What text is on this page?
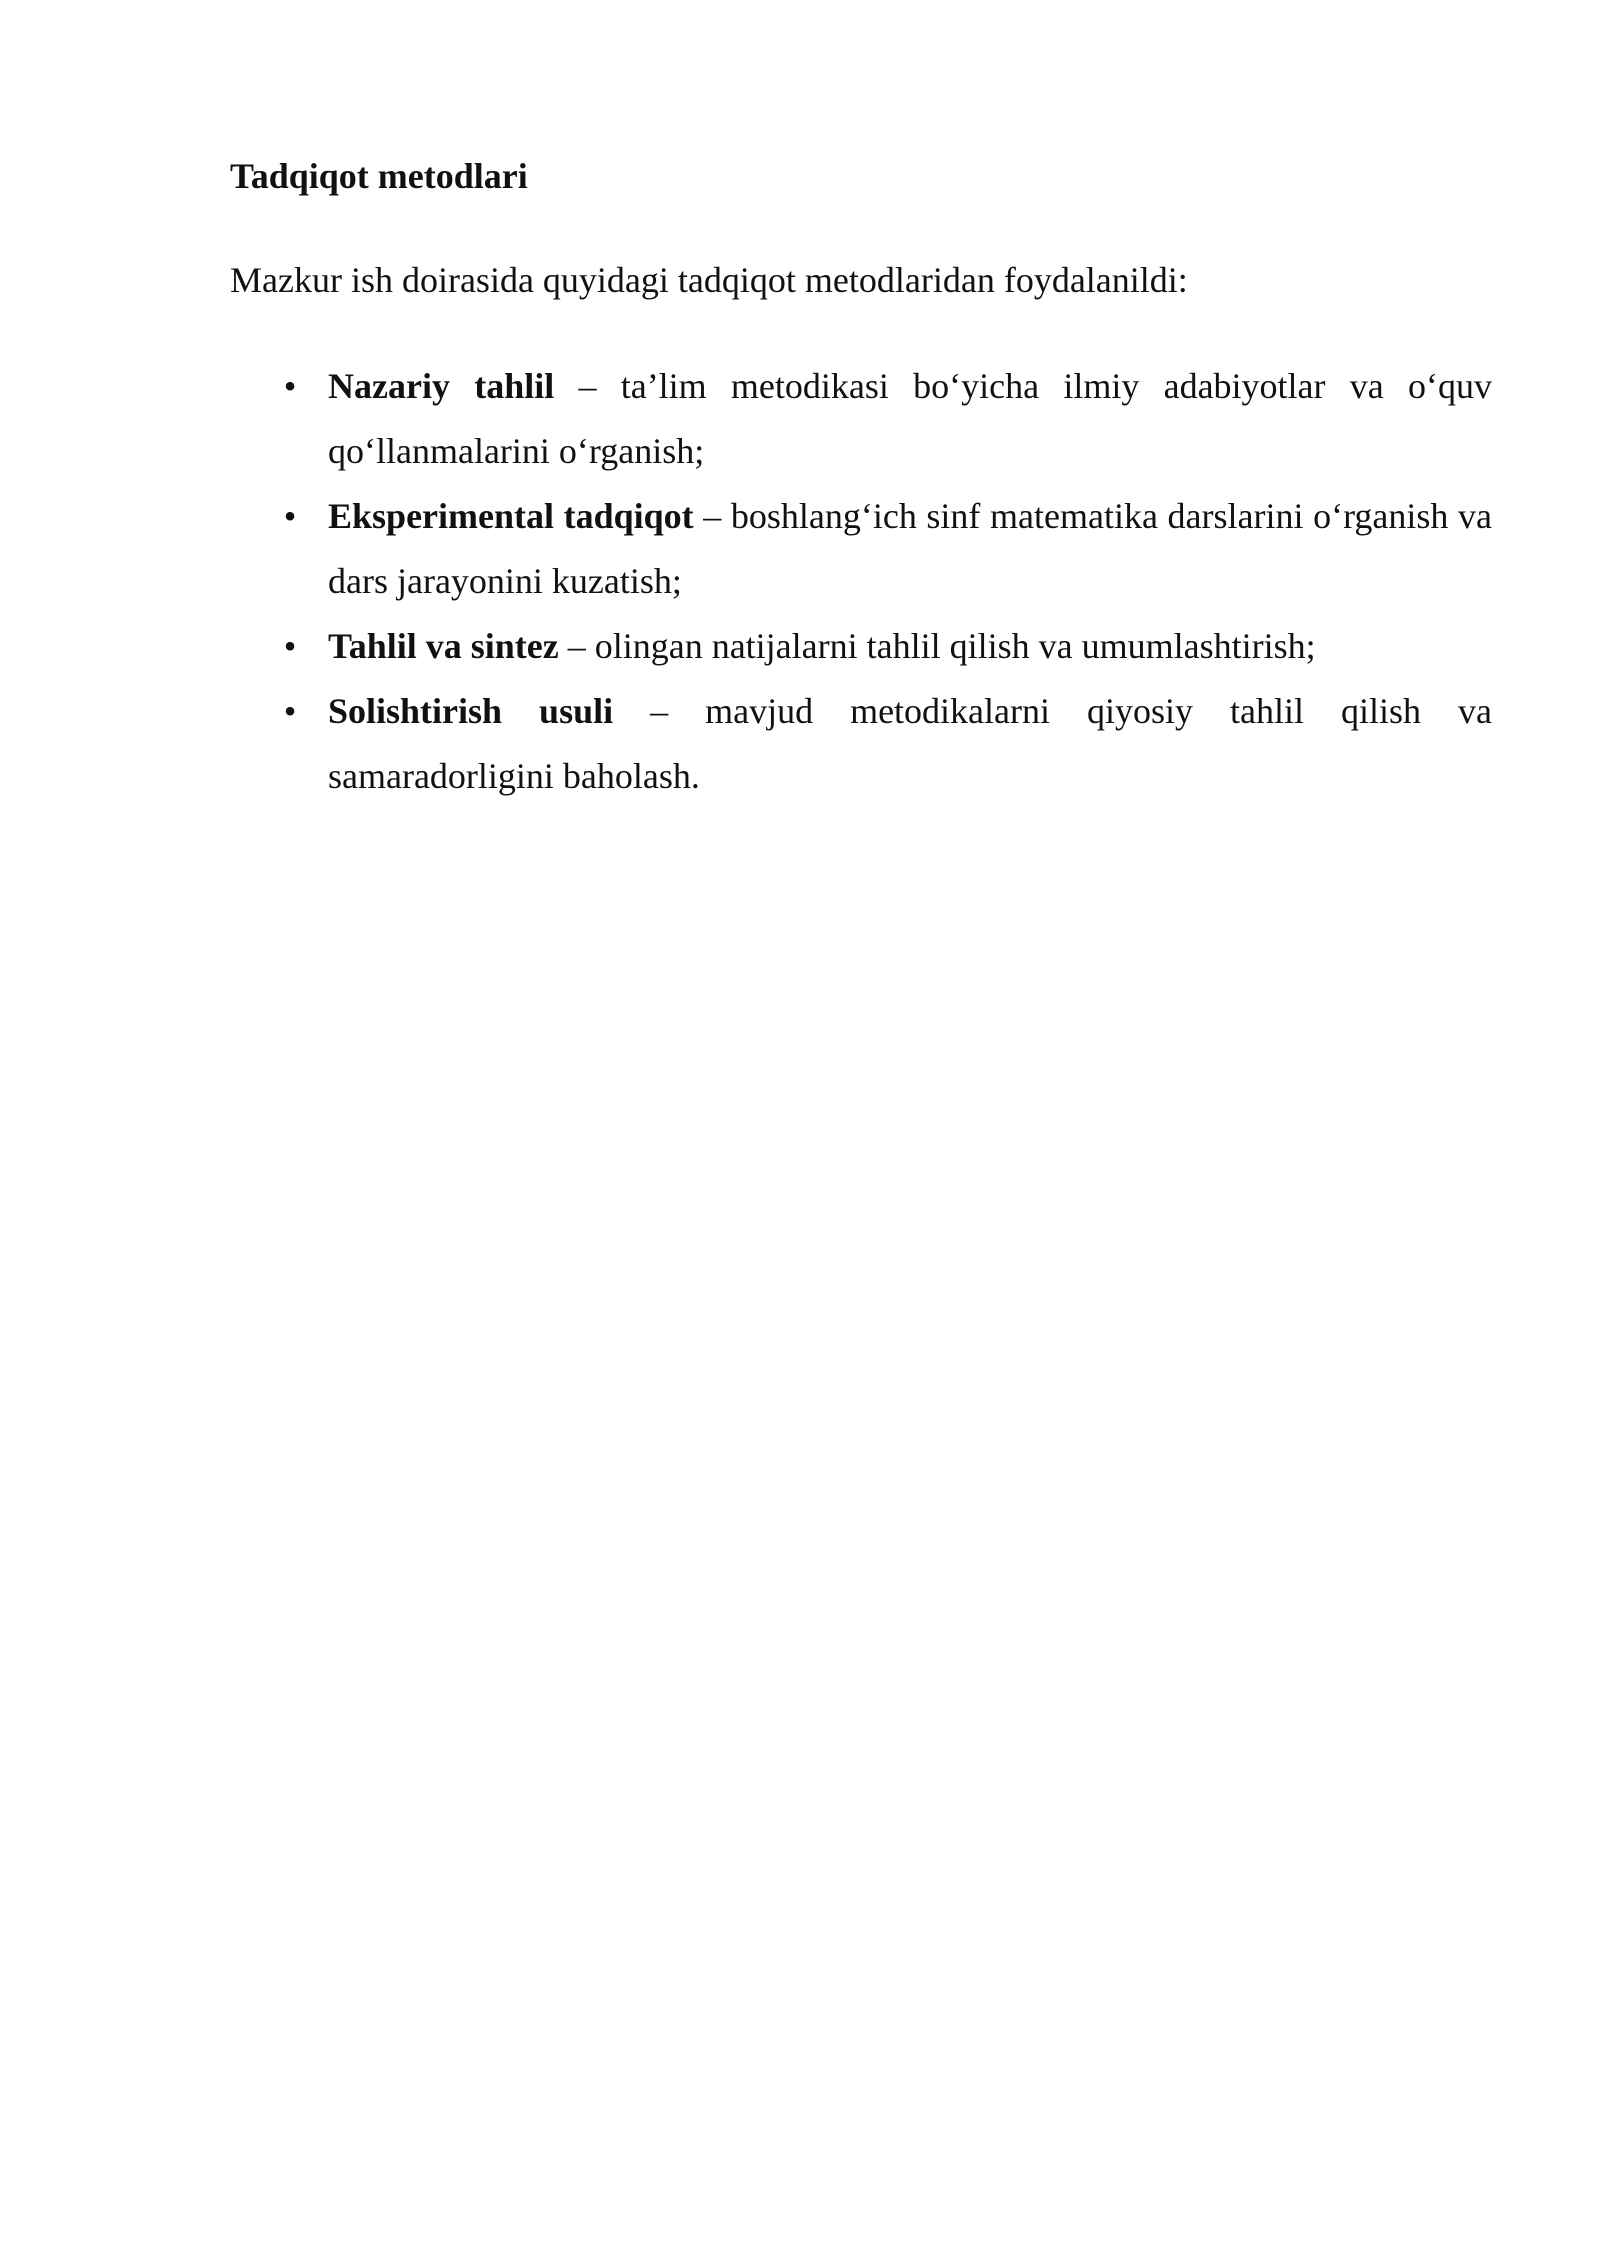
Tadqiqot metodlari

Mazkur ish doirasida quyidagi tadqiqot metodlaridan foydalanildi:

• Nazariy tahlil – ta’lim metodikasi bo‘yicha ilmiy adabiyotlar va o‘quv qo‘llanmalarini o‘rganish;
• Eksperimental tadqiqot – boshlang‘ich sinf matematika darslarini o‘rganish va dars jarayonini kuzatish;
• Tahlil va sintez – olingan natijalarni tahlil qilish va umumlashtirish;
• Solishtirish usuli – mavjud metodikalarni qiyosiy tahlil qilish va samaradorligini baholash.
